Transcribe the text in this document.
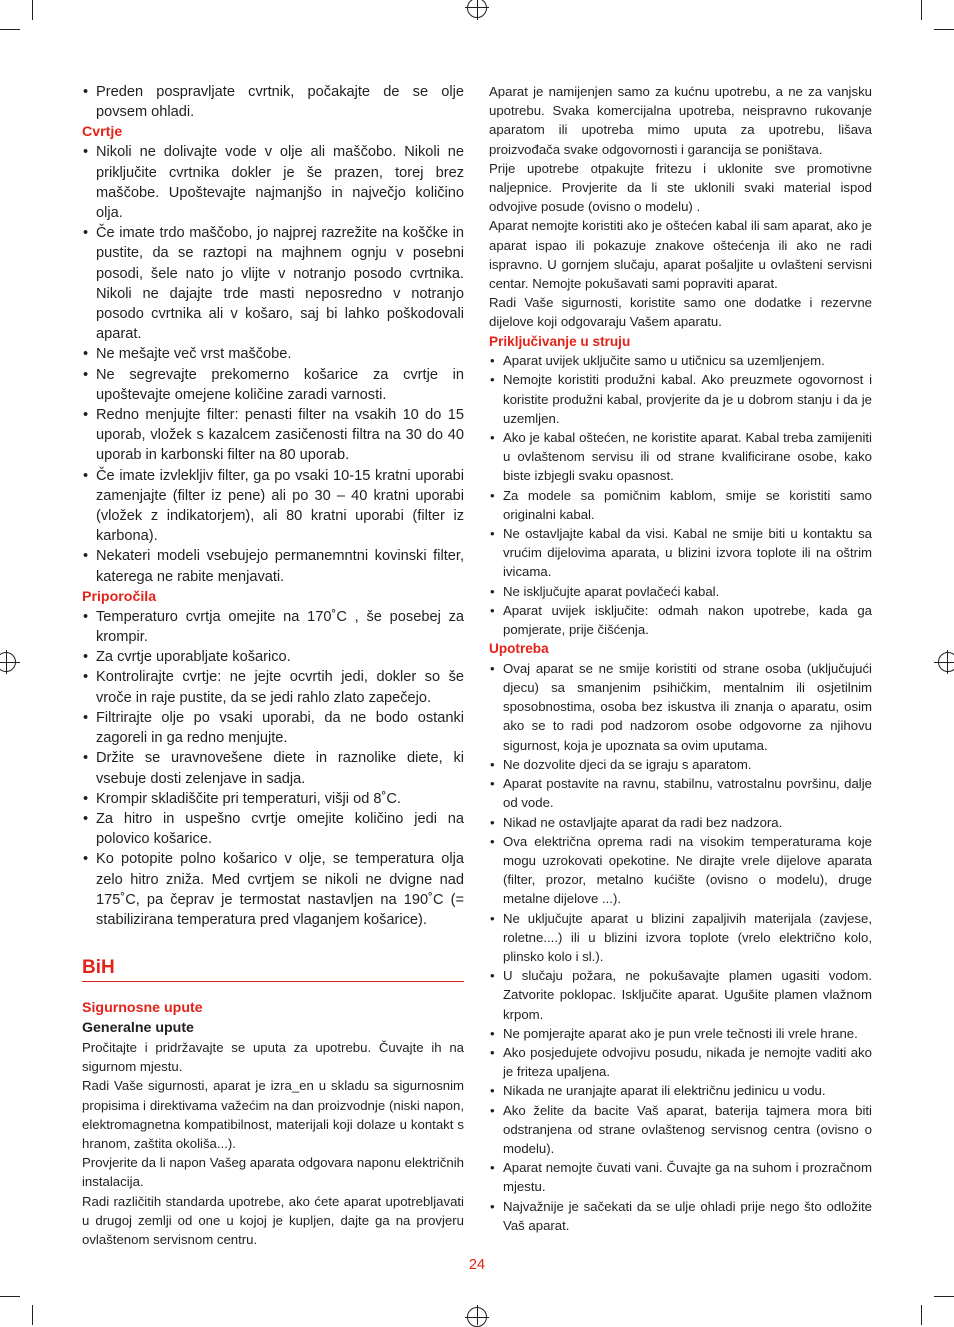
• Preden pospravljate cvrtnik, počakajte de se olje povsem ohladi.
Cvrtje
• Nikoli ne dolivajte vode v olje ali maščobo. Nikoli ne priključite cvrtnika dokler je še prazen, torej brez maščobe. Upoštevajte najmanjšo in največjo količino olja.
• Če imate trdo maščobo, jo najprej razrežite na koščke in pustite, da se raztopi na majhnem ognju v posebni posodi, šele nato jo vlijte v notranjo posodo cvrtnika. Nikoli ne dajajte trde masti neposredno v notranjo posodo cvrtnika ali v košaro, saj bi lahko poškodovali aparat.
• Ne mešajte več vrst maščobe.
• Ne segrevajte prekomerno košarice za cvrtje in upoštevajte omejene količine zaradi varnosti.
• Redno menjujte filter: penasti filter na vsakih 10 do 15 uporab, vložek s kazalcem zasičenosti filtra na 30 do 40 uporab in karbonski filter na 80 uporab.
• Če imate izvlekljiv filter, ga po vsaki 10-15 kratni uporabi zamenjajte (filter iz pene) ali po 30 – 40 kratni uporabi (vložek z indikatorjem), ali 80 kratni uporabi (filter iz karbona).
• Nekateri modeli vsebujejo permanemntni kovinski filter, katerega ne rabite menjavati.
Priporočila
• Temperaturo cvrtja omejite na 170˚C , še posebej za krompir.
• Za cvrtje uporabljate košarico.
• Kontrolirajte cvrtje: ne jejte ocvrtih jedi, dokler so še vroče in raje pustite, da se jedi rahlo zlato zapečejo.
• Filtrirajte olje po vsaki uporabi, da ne bodo ostanki zagoreli in ga redno menjujte.
• Držite se uravnovešene diete in raznolike diete, ki vsebuje dosti zelenjave in sadja.
• Krompir skladiščite pri temperaturi, višji od 8˚C.
• Za hitro in uspešno cvrtje omejite količino jedi na polovico košarice.
• Ko potopite polno košarico v olje, se temperatura olja zelo hitro zniža. Med cvrtjem se nikoli ne dvigne nad 175˚C, pa čeprav je termostat nastavljen na 190˚C (= stabilizirana temperatura pred vlaganjem košarice).
BiH
Sigurnosne upute
Generalne upute

Pročitajte i pridržavajte se uputa za upotrebu. Čuvajte ih na sigurnom mjestu.

Radi Vaše sigurnosti, aparat je izra_en u skladu sa sigurnosnim propisima i direktivama važećim na dan proizvodnje (niski napon, elektromagnetna kompatibilnost, materijali koji dolaze u kontakt s hranom, zaštita okoliša...).

Provjerite da li napon Vašeg aparata odgovara naponu električnih instalacija.

Radi različitih standarda upotrebe, ako ćete aparat upotrebljavati u drugoj zemlji od one u kojoj je kupljen, dajte ga na provjeru ovlaštenom servisnom centru.

Aparat je namijenjen samo za kućnu upotrebu, a ne za vanjsku upotrebu. Svaka komercijalna upotreba, neispravno rukovanje aparatom ili upotreba mimo uputa za upotrebu, lišava proizvođača svake odgovornosti i garancija se poništava.

Prije upotrebe otpakujte fritezu i uklonite sve promotivne naljepnice. Provjerite da li ste uklonili svaki material ispod odvojive posude (ovisno o modelu) .

Aparat nemojte koristiti ako je oštećen kabal ili sam aparat, ako je aparat ispao ili pokazuje znakove oštećenja ili ako ne radi ispravno. U gornjem slučaju, aparat pošaljite u ovlašteni servisni centar. Nemojte pokušavati sami popraviti aparat.

Radi Vaše sigurnosti, koristite samo one dodatke i rezervne dijelove koji odgovaraju Vašem aparatu.

Priključivanje u struju
• Aparat uvijek uključite samo u utičnicu sa uzemljenjem.
• Nemojte koristiti produžni kabal. Ako preuzmete ogovornost i koristite produžni kabal, provjerite da je u dobrom stanju i da je uzemljen.
• Ako je kabal oštećen, ne koristite aparat. Kabal treba zamijeniti u ovlaštenom servisu ili od strane kvalificirane osobe, kako biste izbjegli svaku opasnost.
• Za modele sa pomičnim kablom, smije se koristiti samo originalni kabal.
• Ne ostavljajte kabal da visi. Kabal ne smije biti u kontaktu sa vrućim dijelovima aparata, u blizini izvora toplote ili na oštrim ivicama.
• Ne isključujte aparat povlačeći kabal.
• Aparat uvijek isključite: odmah nakon upotrebe, kada ga pomjerate, prije čišćenja.
Upotreba
• Ovaj aparat se ne smije koristiti od strane osoba (uključujući djecu) sa smanjenim psihičkim, mentalnim ili osjetilnim sposobnostima, osoba bez iskustva ili znanja o aparatu, osim ako se to radi pod nadzorom osobe odgovorne za njihovu sigurnost, koja je upoznata sa ovim uputama.
• Ne dozvolite djeci da se igraju s aparatom.
• Aparat postavite na ravnu, stabilnu, vatrostalnu površinu, dalje od vode.
• Nikad ne ostavljajte aparat da radi bez nadzora.
• Ova električna oprema radi na visokim temperaturama koje mogu uzrokovati opekotine. Ne dirajte vrele dijelove aparata (filter, prozor, metalno kućište (ovisno o modelu), druge metalne dijelove ...).
• Ne uključujte aparat u blizini zapaljivih materijala (zavjese, roletne....) ili u blizini izvora toplote (vrelo električno kolo, plinsko kolo i sl.).
• U slučaju požara, ne pokušavajte plamen ugasiti vodom. Zatvorite poklopac. Isključite aparat. Ugušite plamen vlažnom krpom.
• Ne pomjerajte aparat ako je pun vrele tečnosti ili vrele hrane.
• Ako posjedujete odvojivu posudu, nikada je nemojte vaditi ako je friteza upaljena.
• Nikada ne uranjajte aparat ili električnu jedinicu u vodu.
• Ako želite da bacite Vaš aparat, baterija tajmera mora biti odstranjena od strane ovlaštenog servisnog centra (ovisno o modelu).
• Aparat nemojte čuvati vani. Čuvajte ga na suhom i prozračnom mjestu.
• Najvažnije je sačekati da se ulje ohladi prije nego što odložite Vaš aparat.
24
